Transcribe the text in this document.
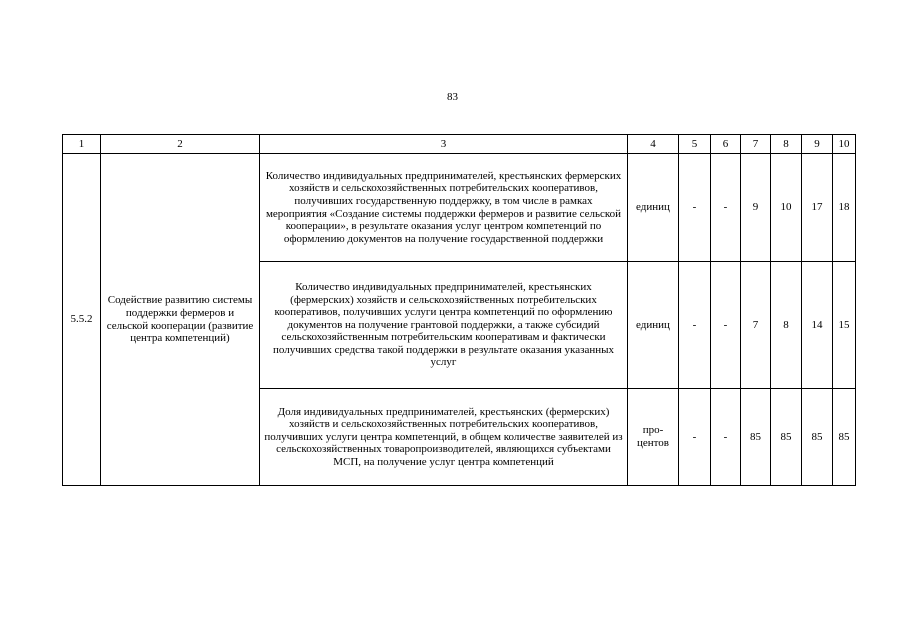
83
1	2	3	4	5	6	7	8	9	10
5.5.2	Содействие развитию системы поддержки фермеров и сельской кооперации (развитие центра компетенций)	Количество индивидуальных предпринимателей, крестьянских фермерских хозяйств и сельскохозяйственных потребительских кооперативов, получивших государственную поддержку, в том числе в рамках мероприятия «Создание системы поддержки фермеров и развитие сельской кооперации», в результате оказания услуг центром компетенций по оформлению документов на получение государственной поддержки	единиц	-	-	9	10	17	18
		Количество индивидуальных предпринимателей, крестьянских (фермерских) хозяйств и сельскохозяйственных потребительских кооперативов, получивших услуги центра компетенций по оформлению документов на получение грантовой поддержки, а также субсидий сельскохозяйственным потребительским кооперативам и фактически получивших средства такой поддержки в результате оказания указанных услуг	единиц	-	-	7	8	14	15
		Доля индивидуальных предпринимателей, крестьянских (фермерских) хозяйств и сельскохозяйственных потребительских кооперативов, получивших услуги центра компетенций, в общем количестве заявителей из сельскохозяйственных товаропроизводителей, являющихся субъектами МСП, на получение услуг центра компетенций	про-центов	-	-	85	85	85	85
